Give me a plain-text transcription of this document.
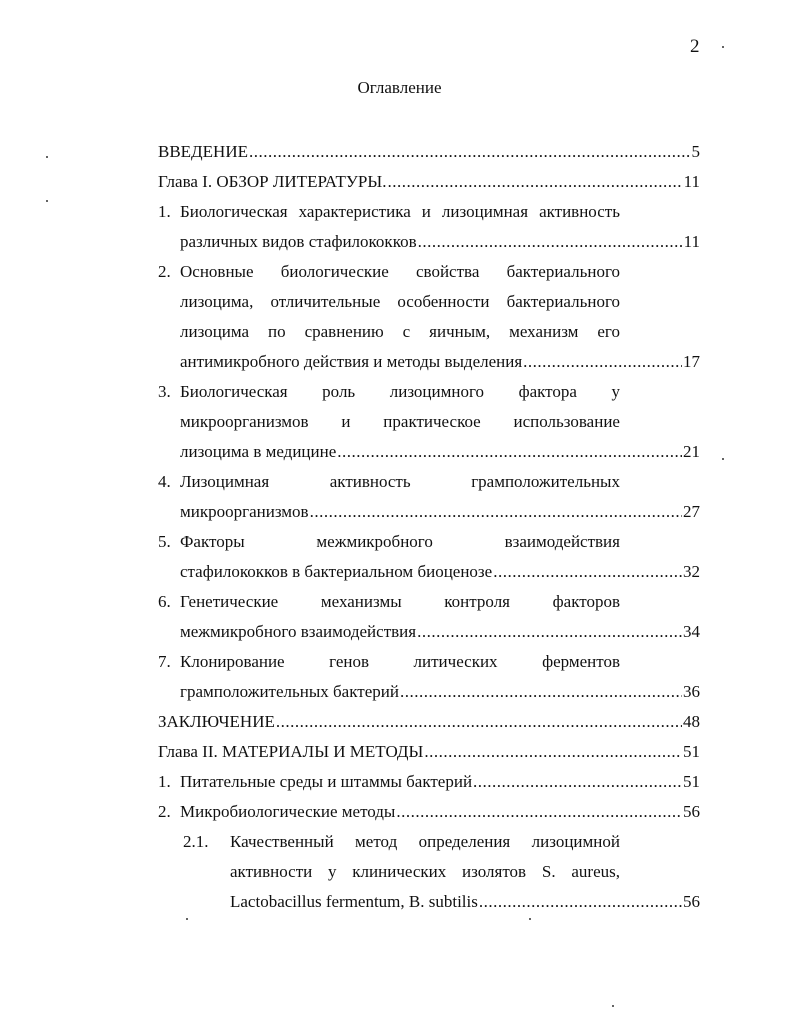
2
Оглавление
ВВЕДЕНИЕ .....	5
Глава I. ОБЗОР ЛИТЕРАТУРЫ. .....	11
1. Биологическая характеристика и лизоцимная активность
различных видов стафилококков .....	11
2. Основные биологические свойства бактериального
лизоцима, отличительные особенности бактериального
лизоцима по сравнению с яичным, механизм его
антимикробного действия и методы выделения .....	17
3. Биологическая роль лизоцимного фактора у
микроорганизмов и практическое использование
лизоцима в медицине .....	21
4. Лизоцимная	активность	грамположительных
микроорганизмов .....	27
5. Факторы	межмикробного	взаимодействия
стафилококков в бактериальном биоценозе .....	32
6. Генетические	механизмы	контроля	факторов
межмикробного взаимодействия .....	34
7. Клонирование	генов	литических	ферментов
грамположительных бактерий .....	36
ЗАКЛЮЧЕНИЕ .....	48
Глава II. МАТЕРИАЛЫ И МЕТОДЫ .....	51
1. Питательные среды и штаммы бактерий .....	51
2. Микробиологические методы .....	56
2.1. Качественный метод определения лизоцимной
активности у клинических изолятов S. aureus,
Lactobacillus fermentum, B. subtilis .....	56
